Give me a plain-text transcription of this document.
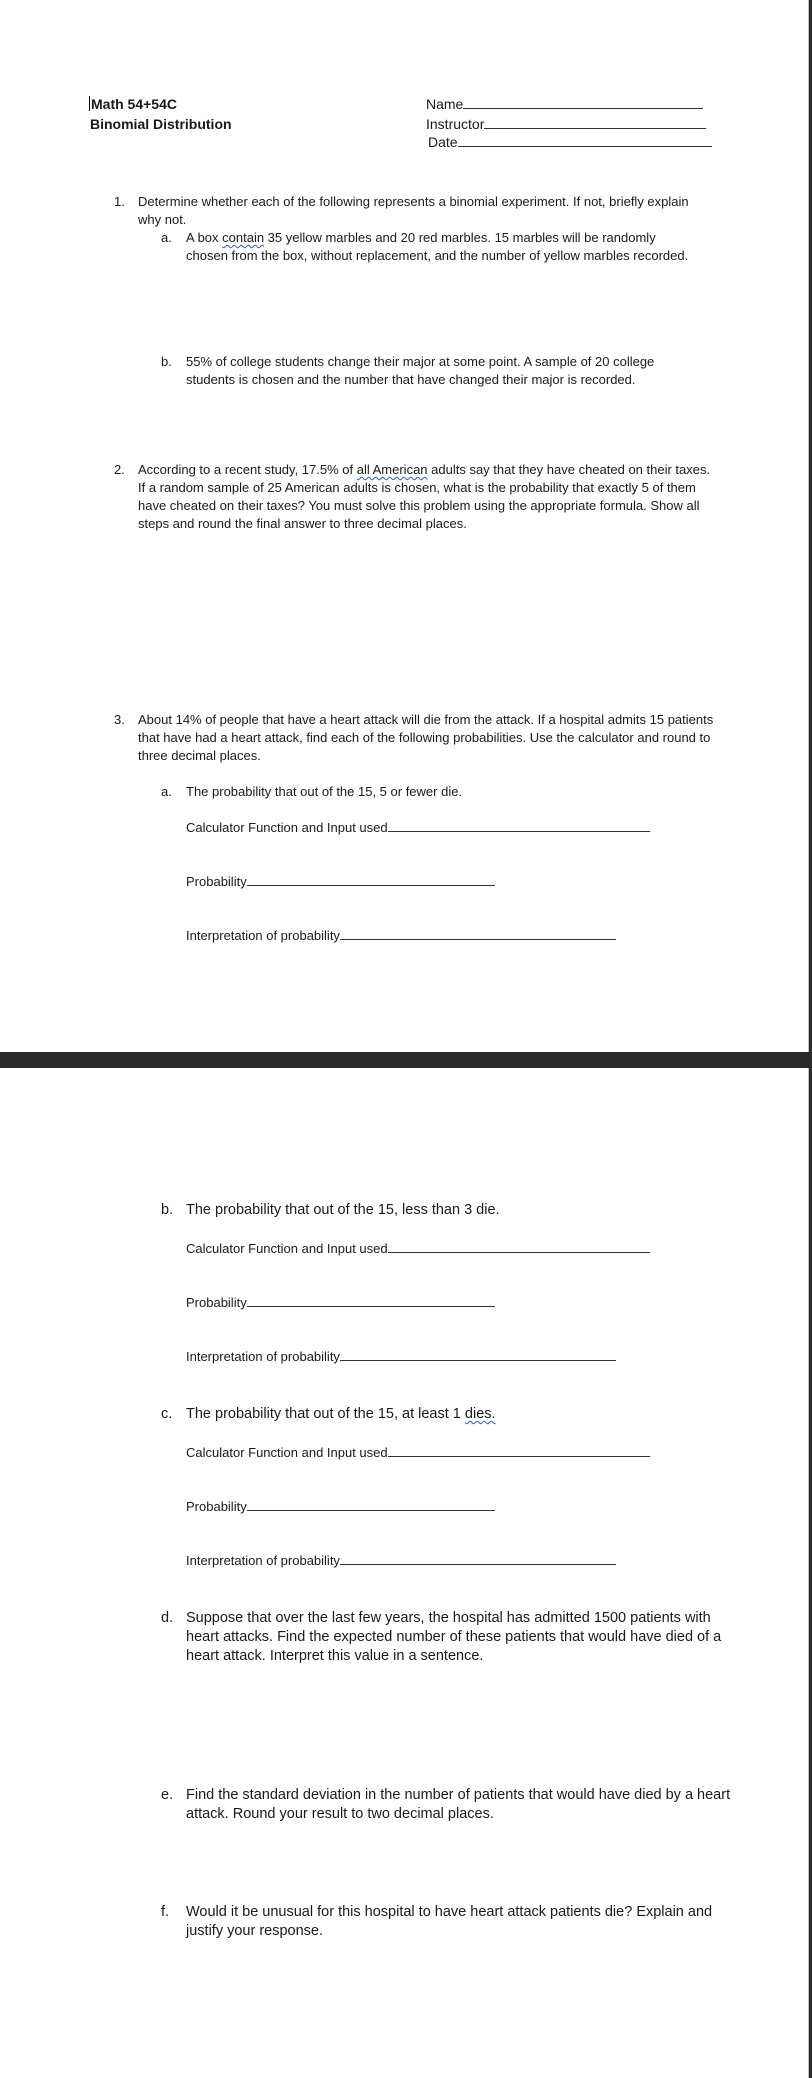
Math 54+54C
Binomial Distribution
Name
Instructor
Date
1. Determine whether each of the following represents a binomial experiment. If not, briefly explain why not.
a. A box contain 35 yellow marbles and 20 red marbles. 15 marbles will be randomly chosen from the box, without replacement, and the number of yellow marbles recorded.
b. 55% of college students change their major at some point. A sample of 20 college students is chosen and the number that have changed their major is recorded.
2. According to a recent study, 17.5% of all American adults say that they have cheated on their taxes. If a random sample of 25 American adults is chosen, what is the probability that exactly 5 of them have cheated on their taxes? You must solve this problem using the appropriate formula. Show all steps and round the final answer to three decimal places.
3. About 14% of people that have a heart attack will die from the attack. If a hospital admits 15 patients that have had a heart attack, find each of the following probabilities. Use the calculator and round to three decimal places.
a. The probability that out of the 15, 5 or fewer die.
Calculator Function and Input used
Probability
Interpretation of probability
b. The probability that out of the 15, less than 3 die.
Calculator Function and Input used
Probability
Interpretation of probability
c. The probability that out of the 15, at least 1 dies.
Calculator Function and Input used
Probability
Interpretation of probability
d. Suppose that over the last few years, the hospital has admitted 1500 patients with heart attacks. Find the expected number of these patients that would have died of a heart attack. Interpret this value in a sentence.
e. Find the standard deviation in the number of patients that would have died by a heart attack. Round your result to two decimal places.
f. Would it be unusual for this hospital to have heart attack patients die? Explain and justify your response.
